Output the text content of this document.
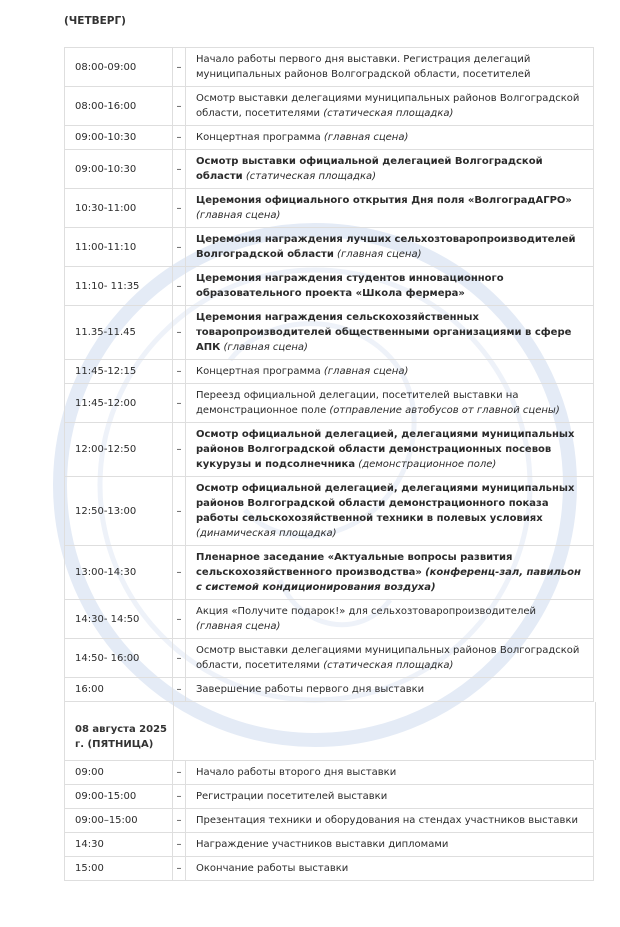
(ЧЕТВЕРГ)
08:00-09:00	–	Начало работы первого дня выставки. Регистрация делегаций муниципальных районов Волгоградской области, посетителей
08:00-16:00	–	Осмотр выставки делегациями муниципальных районов Волгоградской области, посетителями (статическая площадка)
09:00-10:30	–	Концертная программа (главная сцена)
09:00-10:30	–	Осмотр выставки официальной делегацией Волгоградской области (статическая площадка)
10:30-11:00	–	Церемония официального открытия Дня поля «ВолгоградАГРО» (главная сцена)
11:00-11:10	–	Церемония награждения лучших сельхозтоваропроизводителей Волгоградской области (главная сцена)
11:10- 11:35	–	Церемония награждения студентов инновационного образовательного проекта «Школа фермера»
11.35-11.45	–	Церемония награждения сельскохозяйственных товаропроизводителей общественными организациями в сфере АПК (главная сцена)
11:45-12:15	–	Концертная программа (главная сцена)
11:45-12:00	–	Переезд официальной делегации, посетителей выставки на демонстрационное поле (отправление автобусов от главной сцены)
12:00-12:50	–	Осмотр официальной делегацией, делегациями муниципальных районов Волгоградской области демонстрационных посевов кукурузы и подсолнечника (демонстрационное поле)
12:50-13:00	–	Осмотр официальной делегацией, делегациями муниципальных районов Волгоградской области демонстрационного показа работы сельскохозяйственной техники в полевых условиях (динамическая площадка)
13:00-14:30	–	Пленарное заседание «Актуальные вопросы развития сельскохозяйственного производства» (конференц-зал, павильон с системой кондиционирования воздуха)
14:30- 14:50	–	Акция «Получите подарок!» для сельхозтоваропроизводителей (главная сцена)
14:50- 16:00	–	Осмотр выставки делегациями муниципальных районов Волгоградской области, посетителями (статическая площадка)
16:00	–	Завершение работы первого дня выставки
08 августа 2025 г. (ПЯТНИЦА)
09:00	–	Начало работы второго дня выставки
09:00-15:00	–	Регистрации посетителей выставки
09:00–15:00	–	Презентация техники и оборудования на стендах участников выставки
14:30	–	Награждение участников выставки дипломами
15:00	–	Окончание работы выставки
